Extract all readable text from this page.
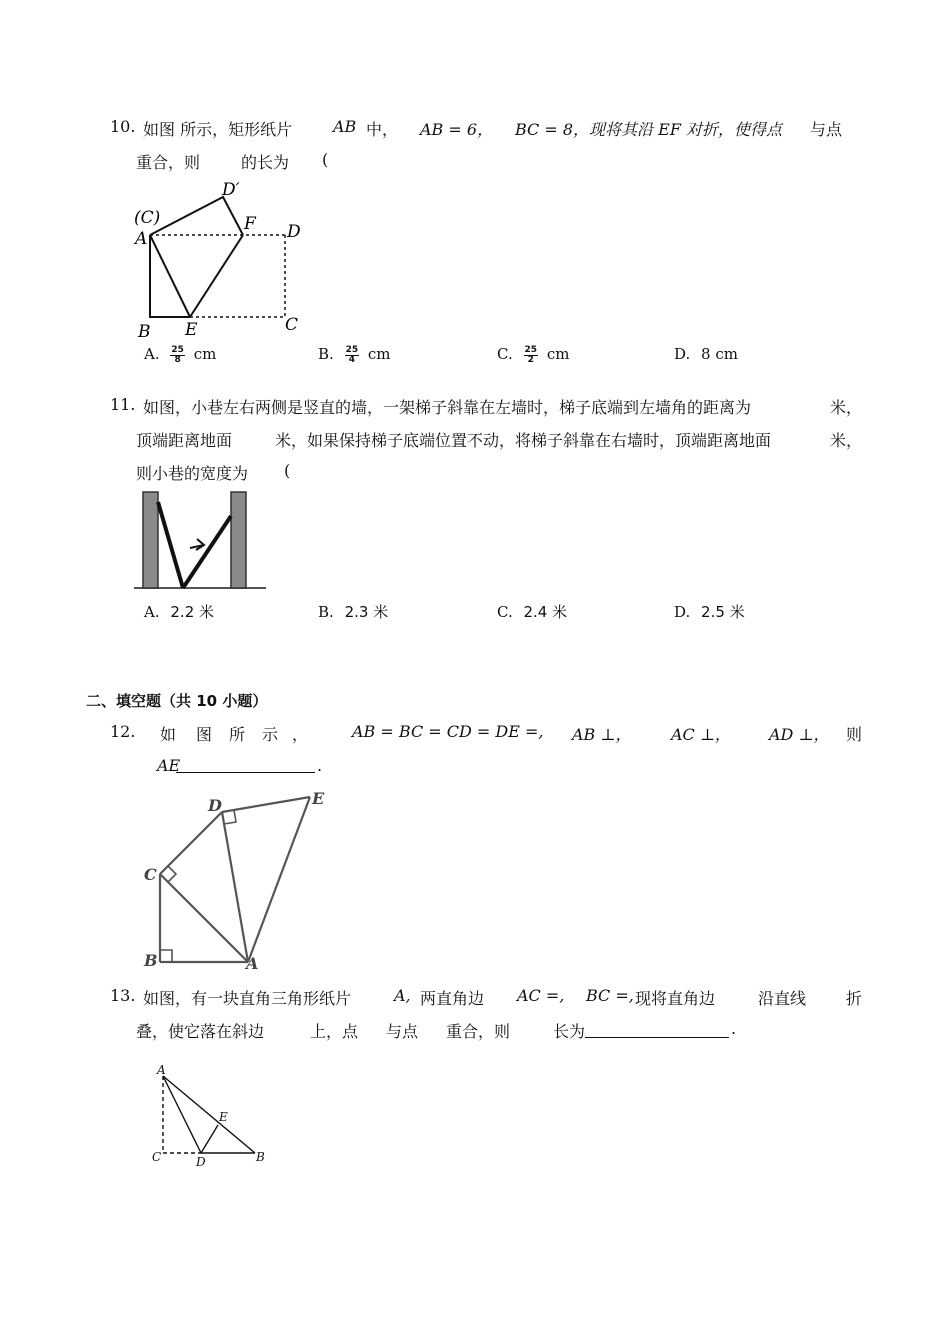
10. 如图 所示，矩形纸片	AB 中， AB = 6， BC = 8，现将其沿 EF 对折，使得点 与点
重合，则	的长为 (
(C)
A
D′
F D
B E	C
A. $\frac{25}{8}$ cm	B. $\frac{25}{4}$ cm	C. $\frac{25}{2}$ cm	D. 8 cm
11. 如图，小巷左右两侧是竖直的墙，一架梯子斜靠在左墙时，梯子底端到左墙角的距离为	米，
顶端距离地面	米，如果保持梯子底端位置不动，将梯子斜靠在右墙时，顶端距离地面	米，
则小巷的宽度为 (
A. 2.2 米	B. 2.3 米	C. 2.4 米	D. 2.5 米
二、填空题（共 10 小题）
12. 如 图 所 示 ，	AB = BC = CD = DE =, AB ⊥， AC ⊥， AD ⊥， 则
AE	.
D	E
C
B	A
13. 如图，有一块直角三角形纸片	A, 两直角边 AC =, BC =, 现将直角边	沿直线 折
叠，使它落在斜边	上，点 与点 重合，则	长为	.
A
E
C	D	B
